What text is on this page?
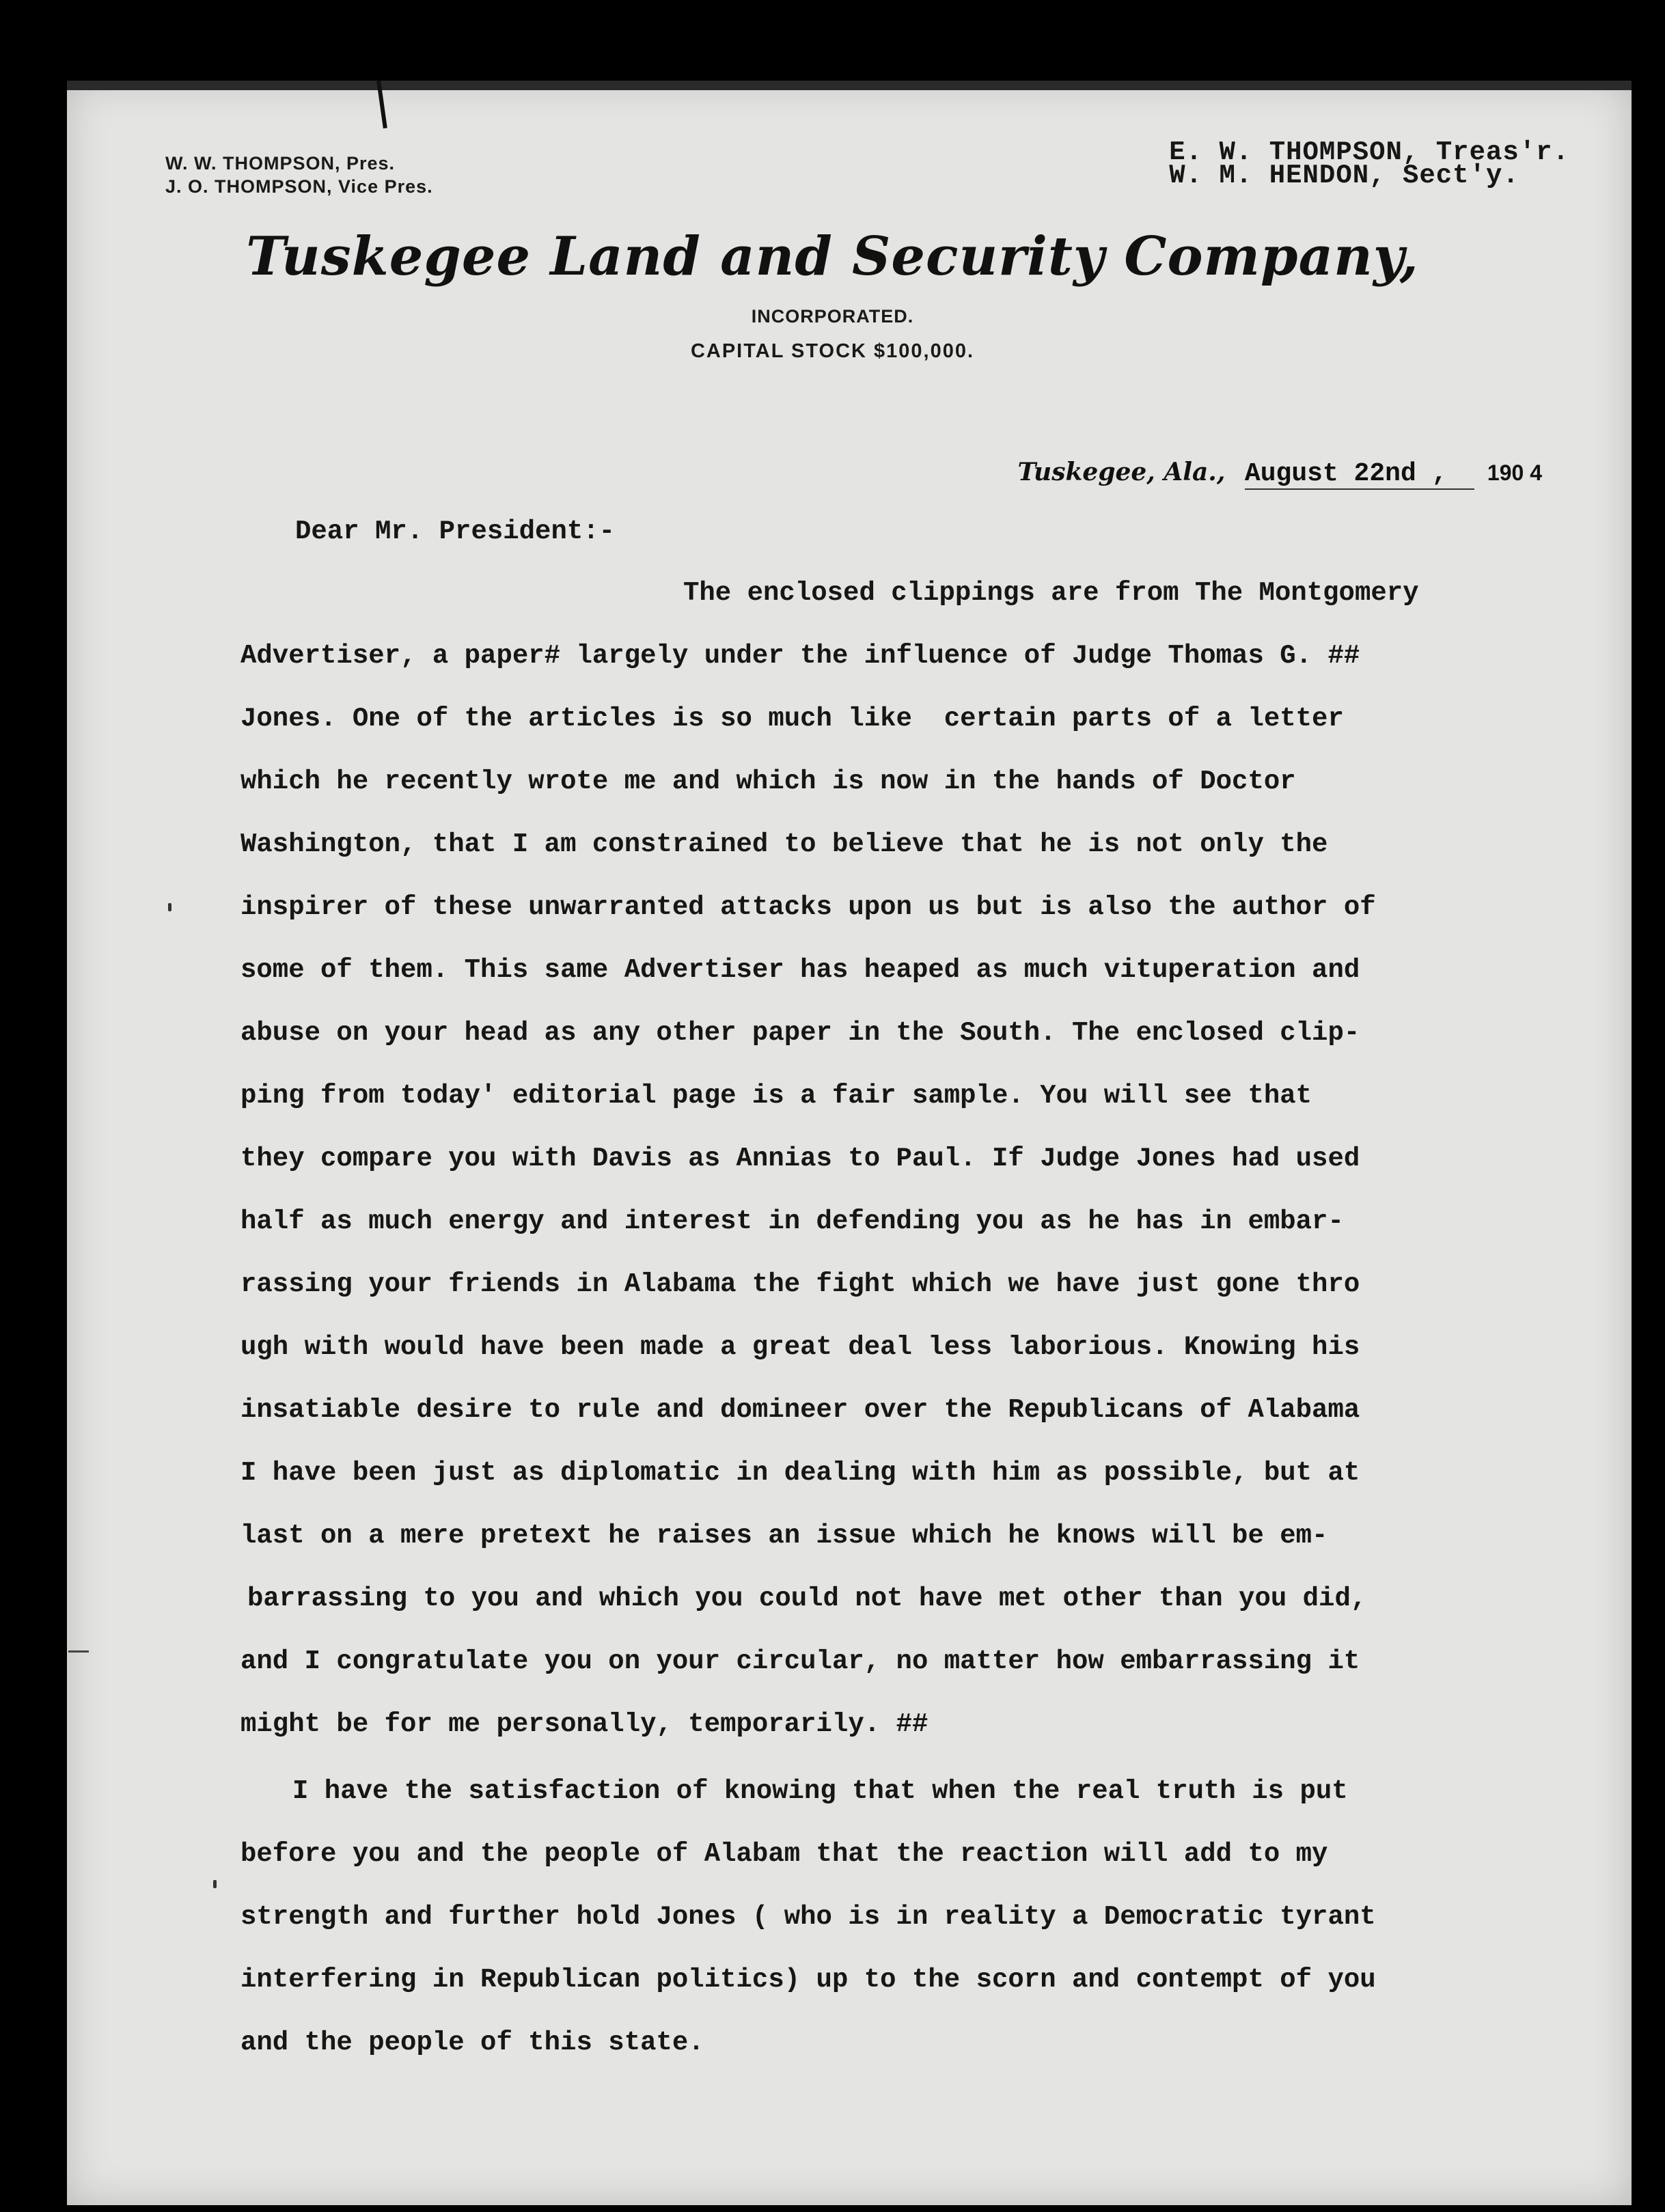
W. W. THOMPSON, Pres.
J. O. THOMPSON, Vice Pres.
E. W. THOMPSON, Treas'r.
W. M. HENDON, Sect'y.
Tuskegee Land and Security Company,
INCORPORATED.
CAPITAL STOCK $100,000.
Tuskegee, Ala., August 22nd , 190 4
Dear Mr. President:-
The enclosed clippings are from The Montgomery
Advertiser, a paper# largely under the influence of Judge Thomas G. ##
Jones. One of the articles is so much like  certain parts of a letter
which he recently wrote me and which is now in the hands of Doctor
Washington, that I am constrained to believe that he is not only the
inspirer of these unwarranted attacks upon us but is also the author of
some of them. This same Advertiser has heaped as much vituperation and
abuse on your head as any other paper in the South. The enclosed clip-
ping from today' editorial page is a fair sample. You will see that
they compare you with Davis as Annias to Paul. If Judge Jones had used
half as much energy and interest in defending you as he has in embar-
rassing your friends in Alabama the fight which we have just gone thro
ugh with would have been made a great deal less laborious. Knowing his
insatiable desire to rule and domineer over the Republicans of Alabama
I have been just as diplomatic in dealing with him as possible, but at
last on a mere pretext he raises an issue which he knows will be em-
barrassing to you and which you could not have met other than you did,
and I congratulate you on your circular, no matter how embarrassing it
might be for me personally, temporarily. ##
I have the satisfaction of knowing that when the real truth is put
before you and the people of Alabam that the reaction will add to my
strength and further hold Jones ( who is in reality a Democratic tyrant
interfering in Republican politics) up to the scorn and contempt of you
and the people of this state.
